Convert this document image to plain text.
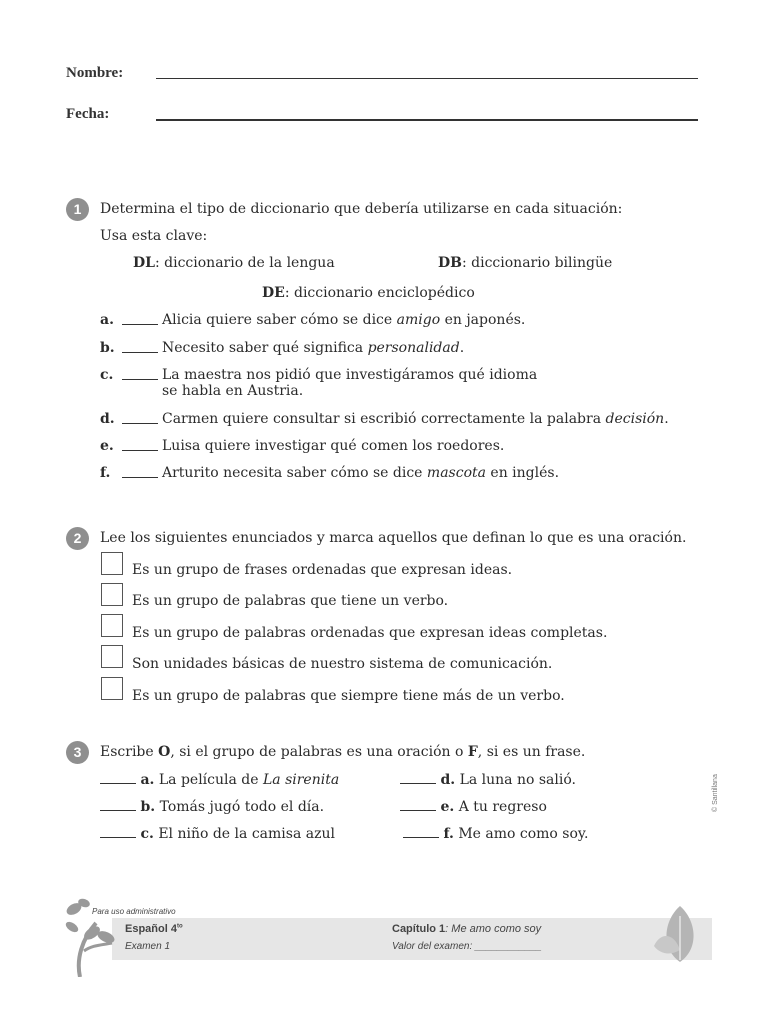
Nombre:
Fecha:
1	Determina el tipo de diccionario que debería utilizarse en cada situación:
Usa esta clave:
DL: diccionario de la lengua	DB: diccionario bilingüe
DE: diccionario enciclopédico
a.	Alicia quiere saber cómo se dice amigo en japonés.
b.	Necesito saber qué significa personalidad.
c.	La maestra nos pidió que investigáramos qué idioma
se habla en Austria.
d.	Carmen quiere consultar si escribió correctamente la palabra decisión.
e.	Luisa quiere investigar qué comen los roedores.
f.	Arturito necesita saber cómo se dice mascota en inglés.
2	Lee los siguientes enunciados y marca aquellos que definan lo que es una oración.
Es un grupo de frases ordenadas que expresan ideas.
Es un grupo de palabras que tiene un verbo.
Es un grupo de palabras ordenadas que expresan ideas completas.
Son unidades básicas de nuestro sistema de comunicación.
Es un grupo de palabras que siempre tiene más de un verbo.
3	Escribe O, si el grupo de palabras es una oración o F, si es un frase.
a. La película de La sirenita	d. La luna no salió.
b. Tomás jugó todo el día.	e. A tu regreso
c. El niño de la camisa azul	f. Me amo como soy.
© Santillana
Para uso administrativo
Español $4^{to}$
Examen 1
Capítulo 1: Me amo como soy
Valor del examen: ____________
